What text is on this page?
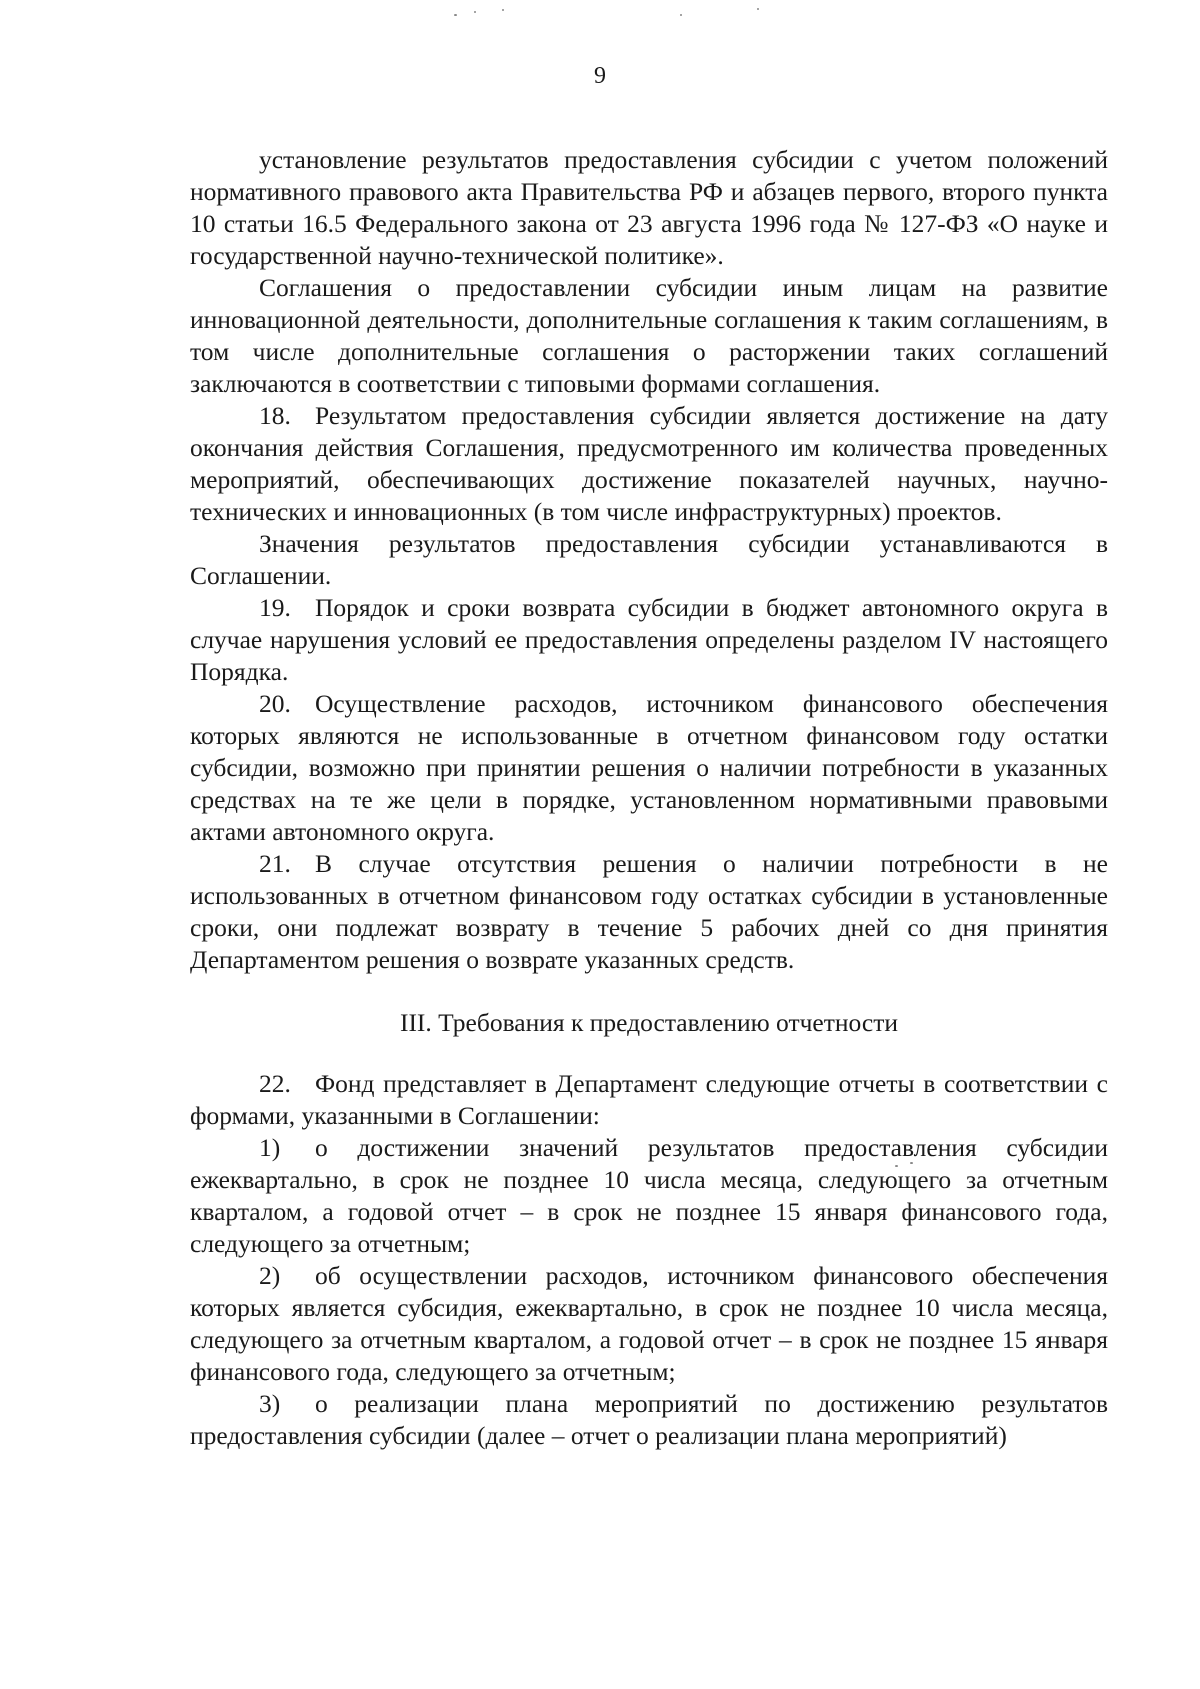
9

установление результатов предоставления субсидии с учетом положений нормативного правового акта Правительства РФ и абзацев первого, второго пункта 10 статьи 16.5 Федерального закона от 23 августа 1996 года № 127-ФЗ «О науке и государственной научно-технической политике».

Соглашения о предоставлении субсидии иным лицам на развитие инновационной деятельности, дополнительные соглашения к таким соглашениям, в том числе дополнительные соглашения о расторжении таких соглашений заключаются в соответствии с типовыми формами соглашения.

18. Результатом предоставления субсидии является достижение на дату окончания действия Соглашения, предусмотренного им количества проведенных мероприятий, обеспечивающих достижение показателей научных, научно-технических и инновационных (в том числе инфраструктурных) проектов.

Значения результатов предоставления субсидии устанавливаются в Соглашении.

19. Порядок и сроки возврата субсидии в бюджет автономного округа в случае нарушения условий ее предоставления определены разделом IV настоящего Порядка.

20. Осуществление расходов, источником финансового обеспечения которых являются не использованные в отчетном финансовом году остатки субсидии, возможно при принятии решения о наличии потребности в указанных средствах на те же цели в порядке, установленном нормативными правовыми актами автономного округа.

21. В случае отсутствия решения о наличии потребности в не использованных в отчетном финансовом году остатках субсидии в установленные сроки, они подлежат возврату в течение 5 рабочих дней со дня принятия Департаментом решения о возврате указанных средств.

III. Требования к предоставлению отчетности

22. Фонд представляет в Департамент следующие отчеты в соответствии с формами, указанными в Соглашении:

1) о достижении значений результатов предоставления субсидии ежеквартально, в срок не позднее 10 числа месяца, следующего за отчетным кварталом, а годовой отчет – в срок не позднее 15 января финансового года, следующего за отчетным;

2) об осуществлении расходов, источником финансового обеспечения которых является субсидия, ежеквартально, в срок не позднее 10 числа месяца, следующего за отчетным кварталом, а годовой отчет – в срок не позднее 15 января финансового года, следующего за отчетным;

3) о реализации плана мероприятий по достижению результатов предоставления субсидии (далее – отчет о реализации плана мероприятий)
